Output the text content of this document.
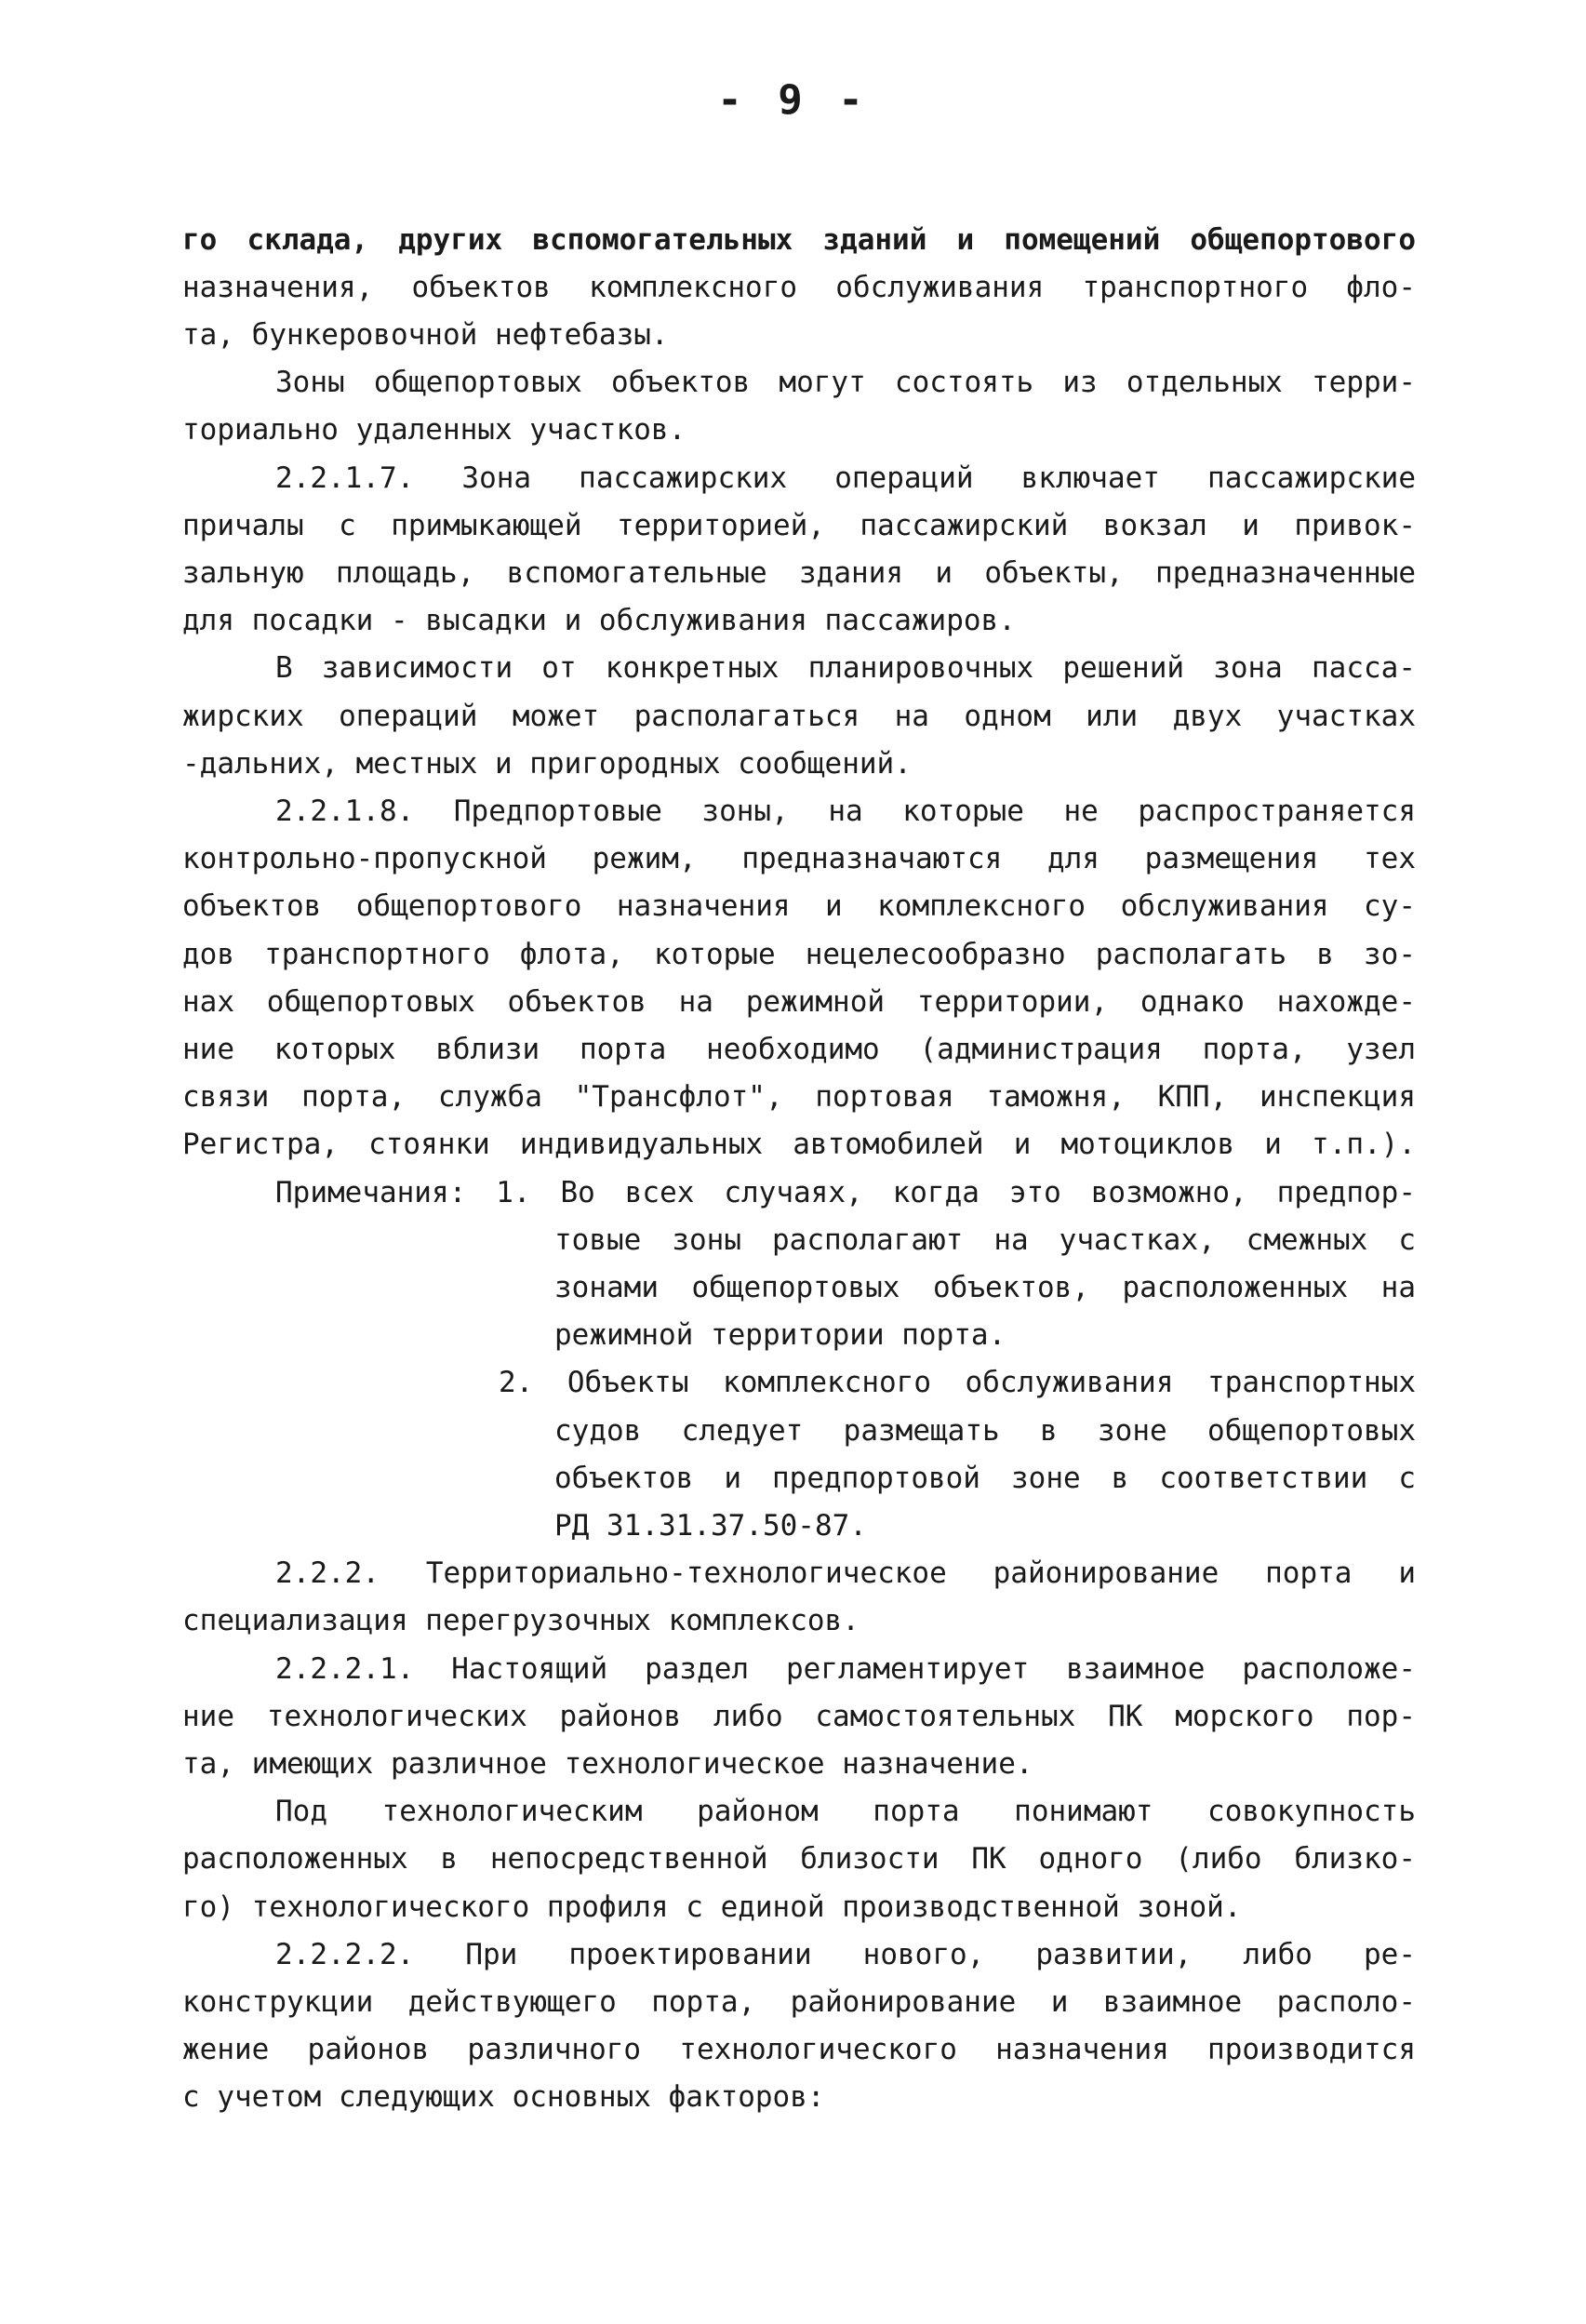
- 9 -
го склада, других вспомогательных зданий и помещений общепортового
назначения, объектов комплексного обслуживания транспортного фло-
та, бункеровочной нефтебазы.
Зоны общепортовых объектов могут состоять из отдельных терри-
ториально удаленных участков.
2.2.1.7. Зона пассажирских операций включает пассажирские
причалы с примыкающей территорией, пассажирский вокзал и привок-
зальную площадь, вспомогательные здания и объекты, предназначенные
для посадки - высадки и обслуживания пассажиров.
В зависимости от конкретных планировочных решений зона пасса-
жирских операций может располагаться на одном или двух участках
-дальних, местных и пригородных сообщений.
2.2.1.8. Предпортовые зоны, на которые не распространяется
контрольно-пропускной режим, предназначаются для размещения тех
объектов общепортового назначения и комплексного обслуживания су-
дов транспортного флота, которые нецелесообразно располагать в зо-
нах общепортовых объектов на режимной территории, однако нахожде-
ние которых вблизи порта необходимо (администрация порта, узел
связи порта, служба "Трансфлот", портовая таможня, КПП, инспекция
Регистра, стоянки индивидуальных автомобилей и мотоциклов и т.п.).
Примечания: 1. Во всех случаях, когда это возможно, предпор-
товые зоны располагают на участках, смежных с
зонами общепортовых объектов, расположенных на
режимной территории порта.
2. Объекты комплексного обслуживания транспортных
судов следует размещать в зоне общепортовых
объектов и предпортовой зоне в соответствии с
РД 31.31.37.50-87.
2.2.2. Территориально-технологическое районирование порта и
специализация перегрузочных комплексов.
2.2.2.1. Настоящий раздел регламентирует взаимное расположе-
ние технологических районов либо самостоятельных ПК морского пор-
та, имеющих различное технологическое назначение.
Под технологическим районом порта понимают совокупность
расположенных в непосредственной близости ПК одного (либо близко-
го) технологического профиля с единой производственной зоной.
2.2.2.2. При проектировании нового, развитии, либо ре-
конструкции действующего порта, районирование и взаимное располо-
жение районов различного технологического назначения производится
с учетом следующих основных факторов:
